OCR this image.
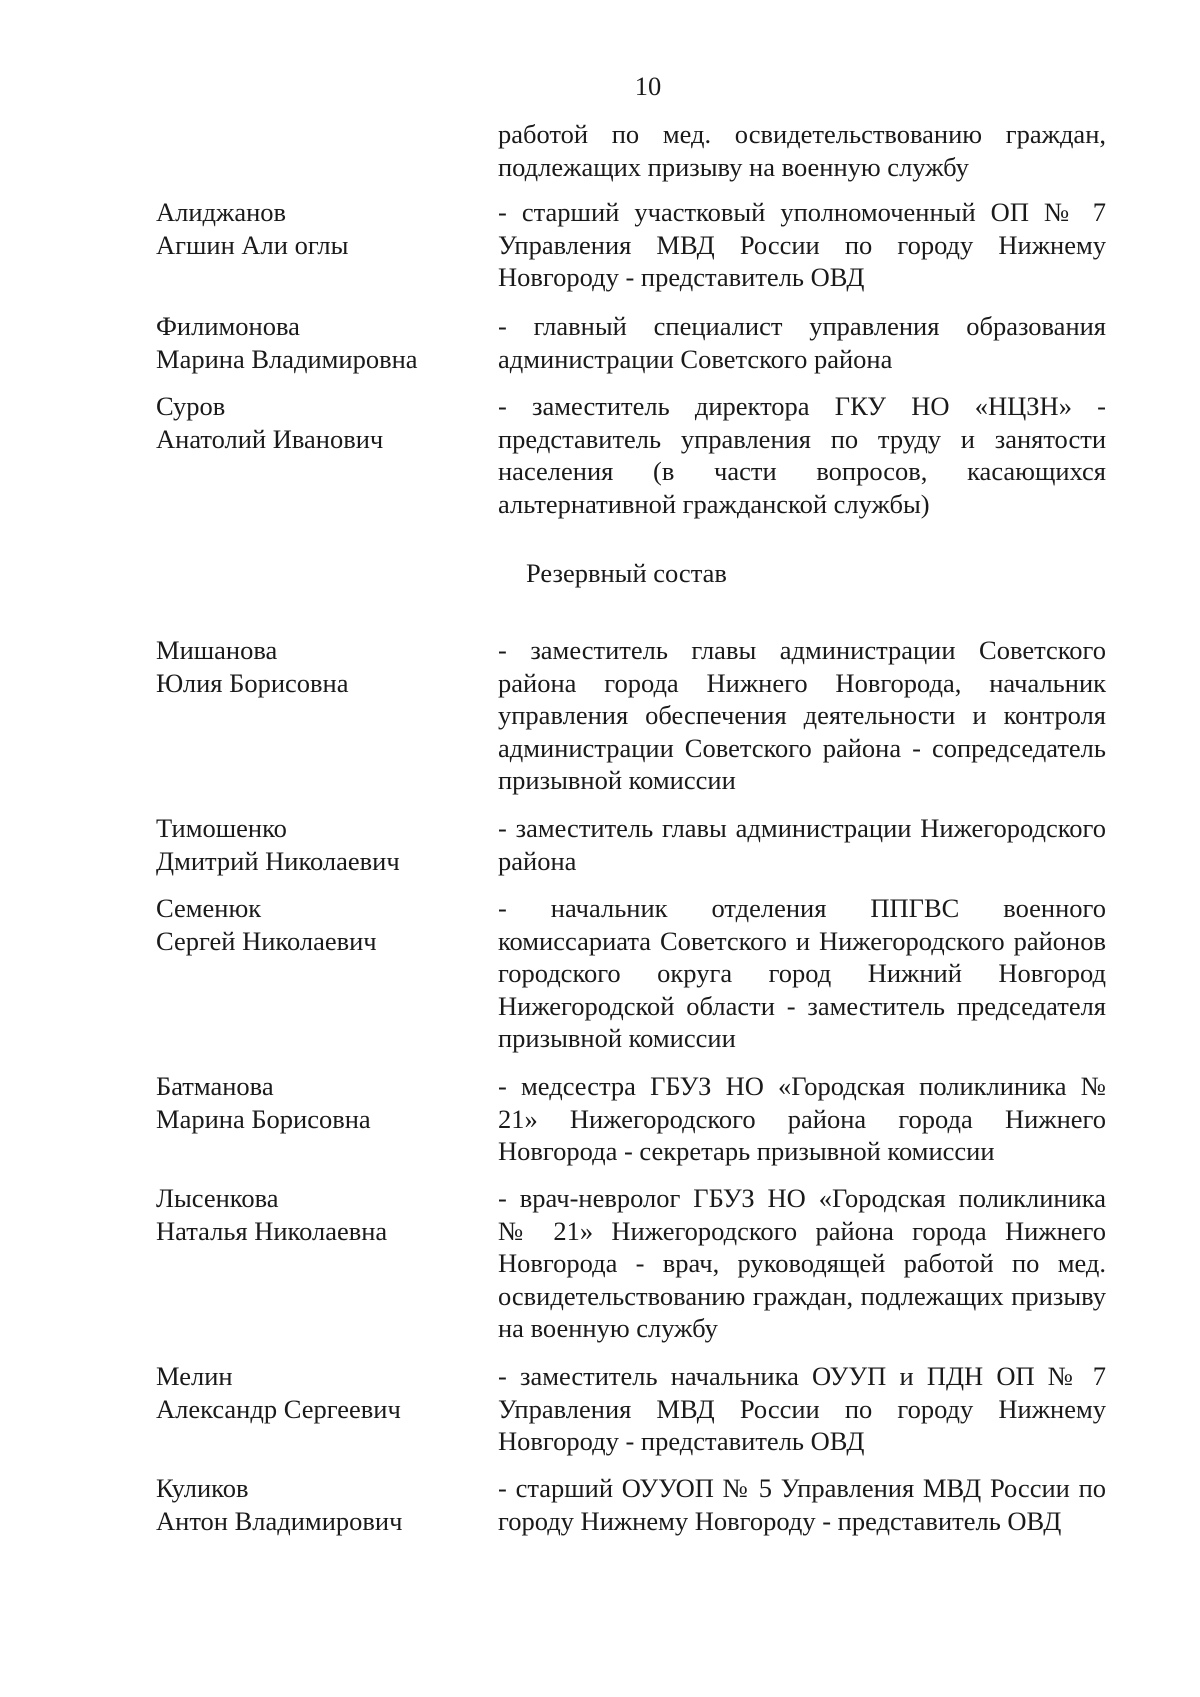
10
работой по мед. освидетельствованию граждан, подлежащих призыву на военную службу
Алиджанов
Агшин Али оглы
- старший участковый уполномоченный ОП № 7 Управления МВД России по городу Нижнему Новгороду - представитель ОВД
Филимонова
Марина Владимировна
- главный специалист управления образования администрации Советского района
Суров
Анатолий Иванович
- заместитель директора ГКУ НО «НЦЗН» - представитель управления по труду и занятости населения (в части вопросов, касающихся альтернативной гражданской службы)
Резервный состав
Мишанова
Юлия Борисовна
- заместитель главы администрации Советского района города Нижнего Новгорода, начальник управления обеспечения деятельности и контроля администрации Советского района - сопредседатель призывной комиссии
Тимошенко
Дмитрий Николаевич
- заместитель главы администрации Нижегородского района
Семенюк
Сергей Николаевич
- начальник отделения ППГВС военного комиссариата Советского и Нижегородского районов городского округа город Нижний Новгород Нижегородской области - заместитель председателя призывной комиссии
Батманова
Марина Борисовна
- медсестра ГБУЗ НО «Городская поликлиника № 21» Нижегородского района города Нижнего Новгорода - секретарь призывной комиссии
Лысенкова
Наталья Николаевна
- врач-невролог ГБУЗ НО «Городская поликлиника № 21» Нижегородского района города Нижнего Новгорода - врач, руководящей работой по мед. освидетельствованию граждан, подлежащих призыву на военную службу
Мелин
Александр Сергеевич
- заместитель начальника ОУУП и ПДН ОП № 7 Управления МВД России по городу Нижнему Новгороду - представитель ОВД
Куликов
Антон Владимирович
- старший ОУУОП № 5 Управления МВД России по городу Нижнему Новгороду - представитель ОВД
